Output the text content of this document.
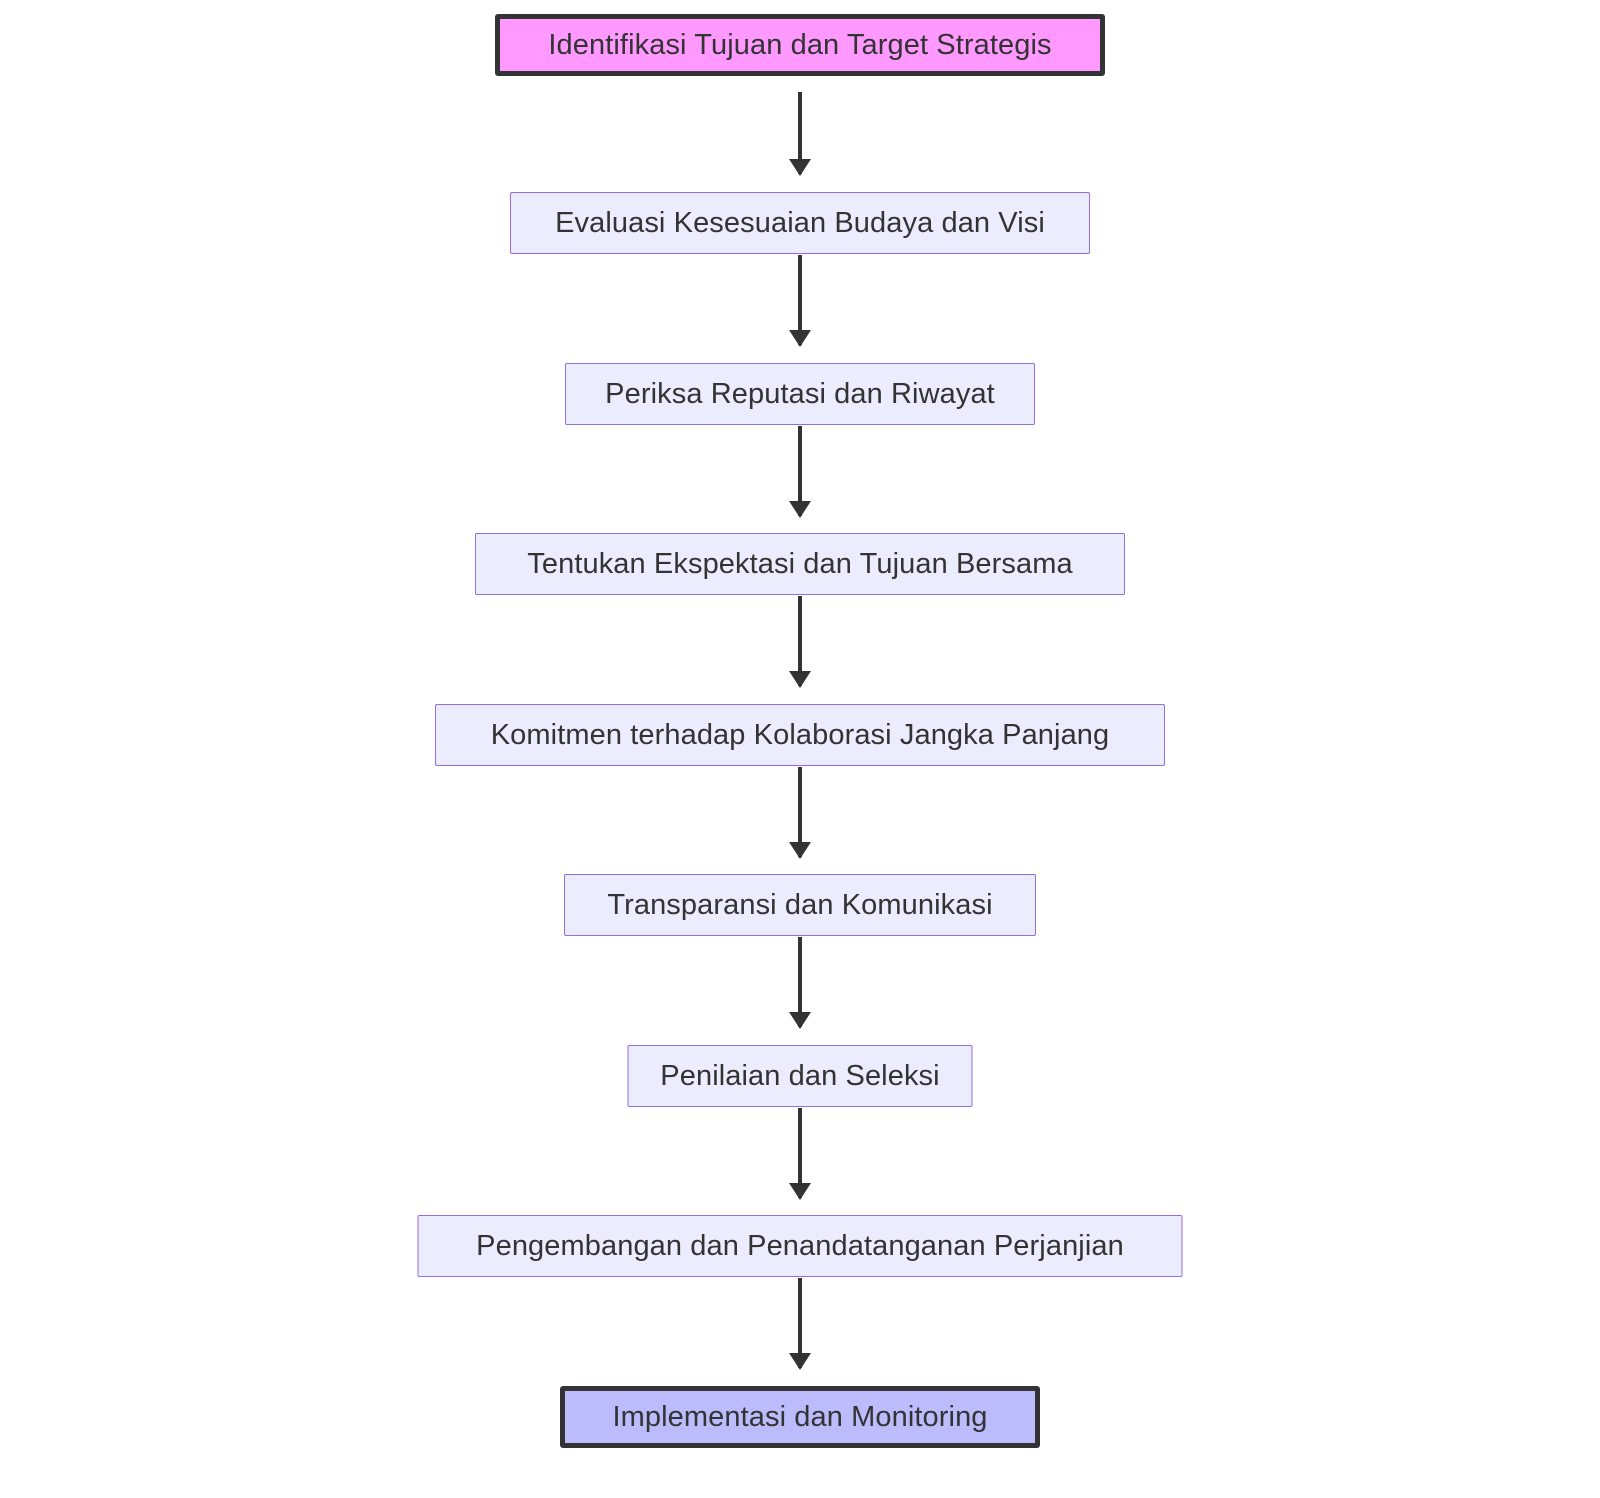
Identifikasi Tujuan dan Target Strategis
Evaluasi Kesesuaian Budaya dan Visi
Periksa Reputasi dan Riwayat
Tentukan Ekspektasi dan Tujuan Bersama
Komitmen terhadap Kolaborasi Jangka Panjang
Transparansi dan Komunikasi
Penilaian dan Seleksi
Pengembangan dan Penandatanganan Perjanjian
Implementasi dan Monitoring
